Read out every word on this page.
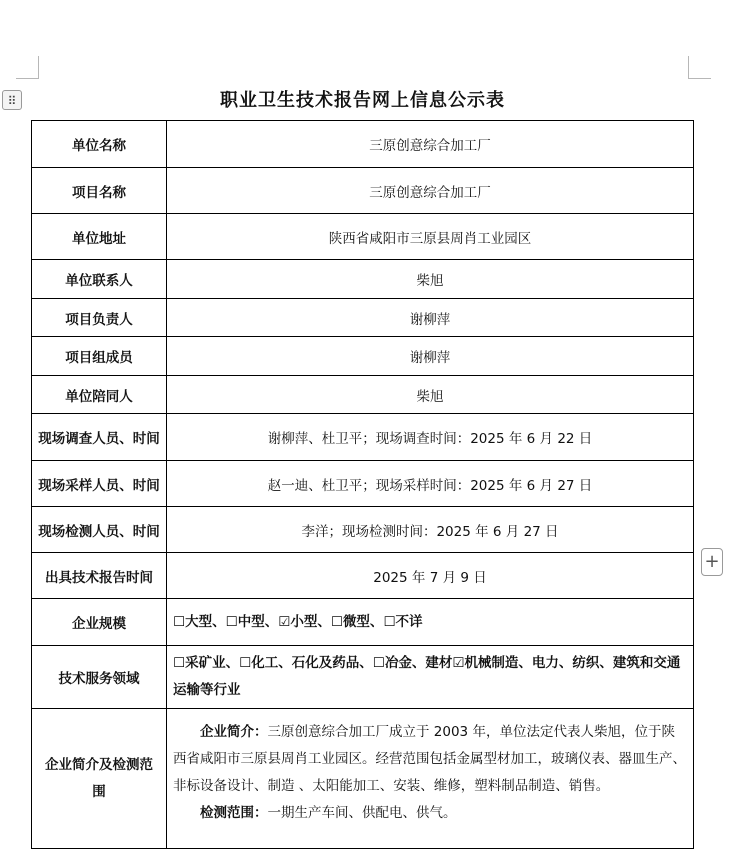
⠿
+
职业卫生技术报告网上信息公示表
单位名称	三原创意综合加工厂
项目名称	三原创意综合加工厂
单位地址	陕西省咸阳市三原县周肖工业园区
单位联系人	柴旭
项目负责人	谢柳萍
项目组成员	谢柳萍
单位陪同人	柴旭
现场调查人员、时间	谢柳萍、杜卫平；现场调查时间：2025 年 6 月 22 日
现场采样人员、时间	赵一迪、杜卫平；现场采样时间：2025 年 6 月 27 日
现场检测人员、时间	李洋；现场检测时间：2025 年 6 月 27 日
出具技术报告时间	2025 年 7 月 9 日
企业规模	☐大型、☐中型、☑小型、☐微型、☐不详
技术服务领域	☐采矿业、☐化工、石化及药品、☐冶金、建材☑机械制造、电力、纺织、建筑和交通运输等行业
企业简介及检测范围	企业简介：三原创意综合加工厂成立于 2003 年，单位法定代表人柴旭，位于陕西省咸阳市三原县周肖工业园区。经营范围包括金属型材加工，玻璃仪表、器皿生产、非标设备设计、制造 、太阳能加工、安装、维修，塑料制品制造、销售。
检测范围：一期生产车间、供配电、供气。
